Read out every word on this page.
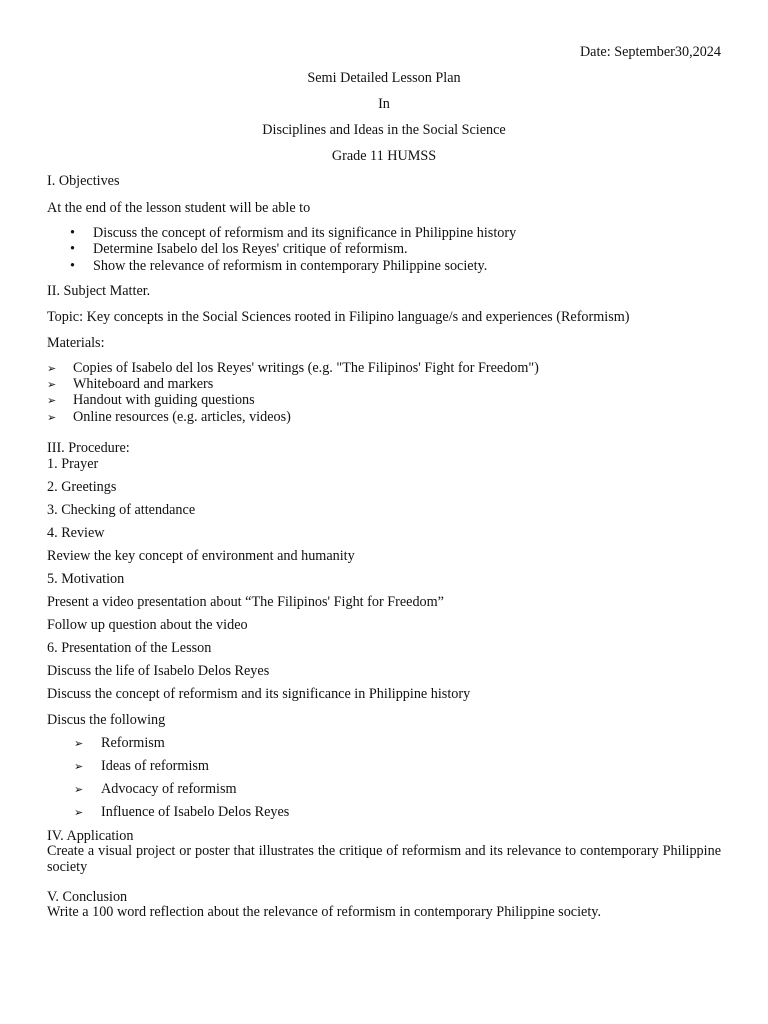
Date: September30,2024
Semi Detailed Lesson Plan
In
Disciplines and Ideas in the Social Science
Grade 11 HUMSS
I. Objectives
At the end of the lesson student will be able to
• Discuss the concept of reformism and its significance in Philippine history
• Determine Isabelo del los Reyes' critique of reformism.
• Show the relevance of reformism in contemporary Philippine society.
II. Subject Matter.
Topic: Key concepts in the Social Sciences rooted in Filipino language/s and experiences (Reformism)
Materials:
➢ Copies of Isabelo del los Reyes' writings (e.g. "The Filipinos' Fight for Freedom")
➢ Whiteboard and markers
➢ Handout with guiding questions
➢ Online resources (e.g. articles, videos)
III. Procedure:
1. Prayer
2. Greetings
3. Checking of attendance
4. Review
Review the key concept of environment and humanity
5. Motivation
Present a video presentation about “The Filipinos' Fight for Freedom”
Follow up question about the video
6. Presentation of the Lesson
Discuss the life of Isabelo Delos Reyes
Discuss the concept of reformism and its significance in Philippine history
Discus the following
➢ Reformism
➢ Ideas of reformism
➢ Advocacy of reformism
➢ Influence of Isabelo Delos Reyes
IV. Application
Create a visual project or poster that illustrates the critique of reformism and its relevance to contemporary Philippine society
V. Conclusion
Write a 100 word reflection about the relevance of reformism in contemporary Philippine society.
